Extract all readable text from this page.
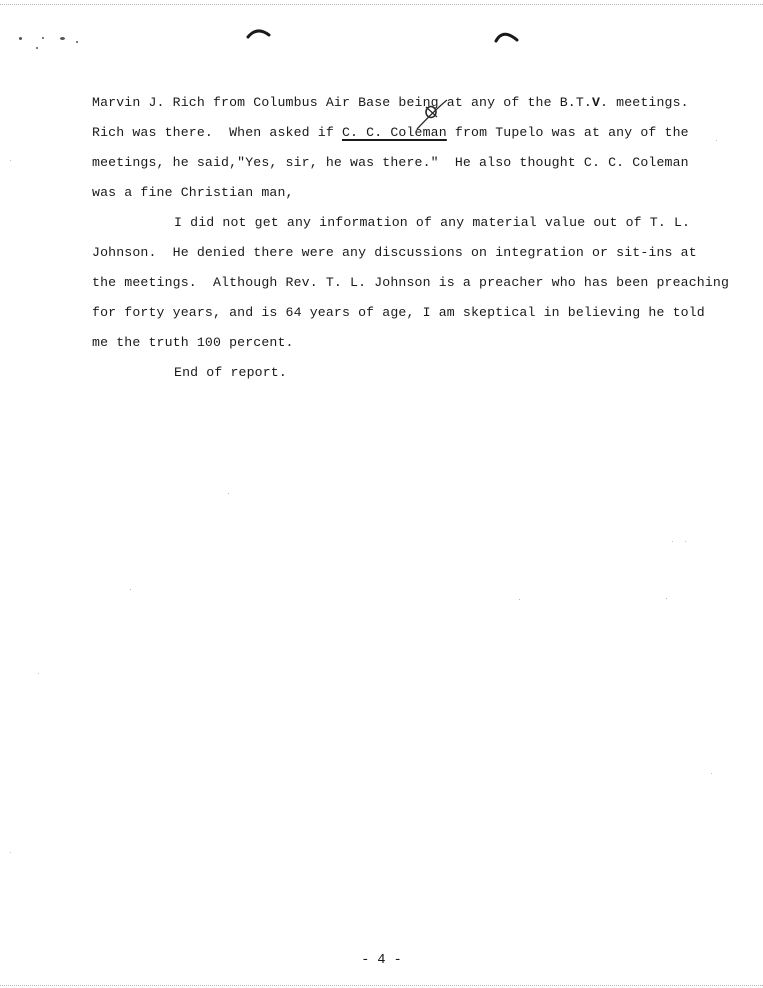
Marvin J. Rich from Columbus Air Base being at any of the B.T.V. meetings.
Rich was there.  When asked if C. C. Coleman from Tupelo was at any of the
meetings, he said,"Yes, sir, he was there."  He also thought C. C. Coleman
was a fine Christian man,
I did not get any information of any material value out of T. L.
Johnson.  He denied there were any discussions on integration or sit-ins at
the meetings.  Although Rev. T. L. Johnson is a preacher who has been preaching
for forty years, and is 64 years of age, I am skeptical in believing he told
me the truth 100 percent.
End of report.
- 4 -
